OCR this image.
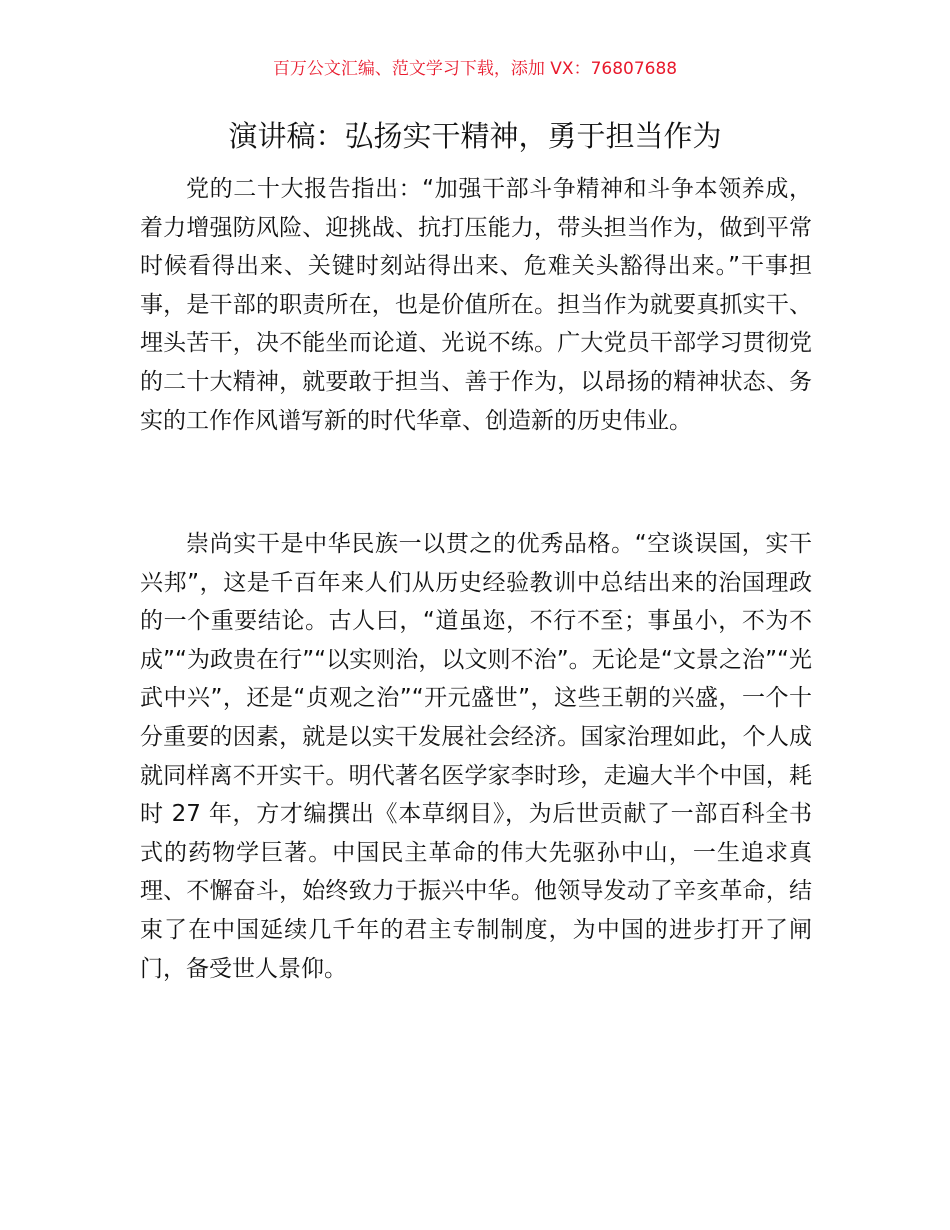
百万公文汇编、范文学习下载，添加 VX：76807688
演讲稿：弘扬实干精神，勇于担当作为

党的二十大报告指出：“加强干部斗争精神和斗争本领养成，着力增强防风险、迎挑战、抗打压能力，带头担当作为，做到平常时候看得出来、关键时刻站得出来、危难关头豁得出来。”干事担事，是干部的职责所在，也是价值所在。担当作为就要真抓实干、埋头苦干，决不能坐而论道、光说不练。广大党员干部学习贯彻党的二十大精神，就要敢于担当、善于作为，以昂扬的精神状态、务实的工作作风谱写新的时代华章、创造新的历史伟业。

崇尚实干是中华民族一以贯之的优秀品格。“空谈误国，实干兴邦”，这是千百年来人们从历史经验教训中总结出来的治国理政的一个重要结论。古人曰，“道虽迩，不行不至；事虽小，不为不成”“为政贵在行”“以实则治，以文则不治”。无论是“文景之治”“光武中兴”，还是“贞观之治”“开元盛世”，这些王朝的兴盛，一个十分重要的因素，就是以实干发展社会经济。国家治理如此，个人成就同样离不开实干。明代著名医学家李时珍，走遍大半个中国，耗时 27 年，方才编撰出《本草纲目》，为后世贡献了一部百科全书式的药物学巨著。中国民主革命的伟大先驱孙中山，一生追求真理、不懈奋斗，始终致力于振兴中华。他领导发动了辛亥革命，结束了在中国延续几千年的君主专制制度，为中国的进步打开了闸门，备受世人景仰。
